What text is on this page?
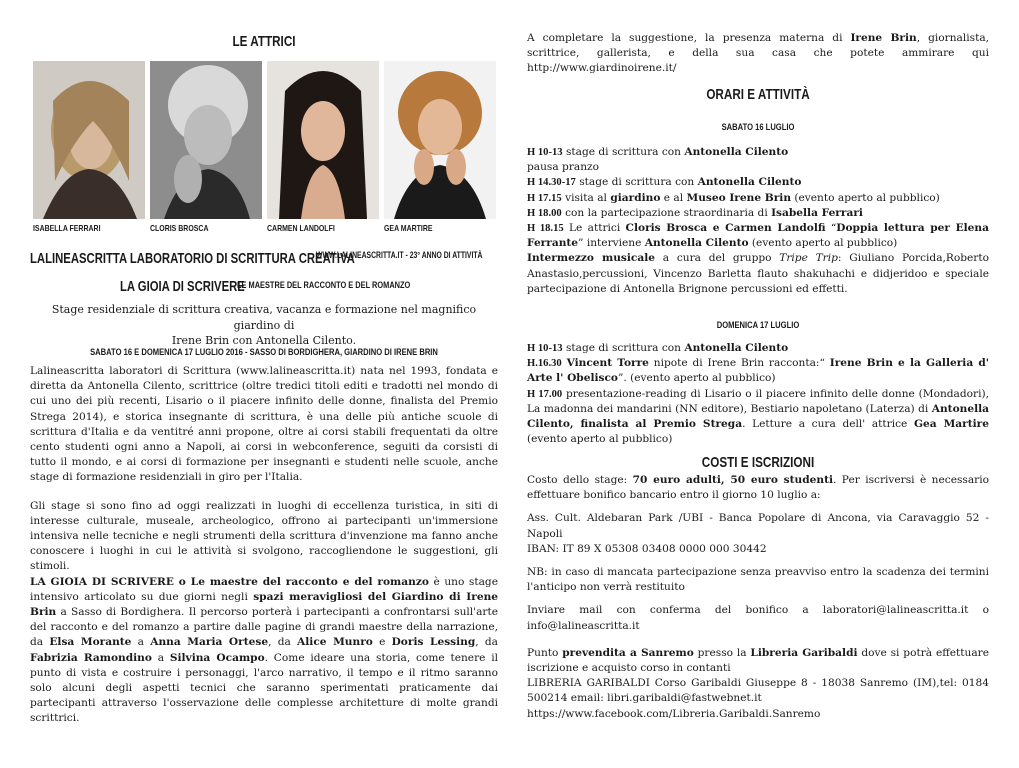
LE ATTRICI
ISABELLA FERRARI	CLORIS BROSCA	CARMEN LANDOLFI	GEA MARTIRE
LALINEASCRITTA LABORATORIO DI SCRITTURA CREATIVA
WWW.LALINEASCRITTA.IT - 23° ANNO DI ATTIVITÀ
LA GIOIA DI SCRIVERE
LE MAESTRE DEL RACCONTO E DEL ROMANZO
Stage residenziale di scrittura creativa, vacanza e formazione nel magnifico giardino di
Irene Brin con Antonella Cilento.
SABATO 16 E DOMENICA 17 LUGLIO 2016 - SASSO DI BORDIGHERA, GIARDINO DI IRENE BRIN

Lalineascritta laboratori di Scrittura (www.lalineascritta.it) nata nel 1993, fondata e diretta da Antonella Cilento, scrittrice (oltre tredici titoli editi e tradotti nel mondo di cui uno dei più recenti, Lisario o il piacere infinito delle donne, finalista del Premio Strega 2014), e storica insegnante di scrittura, è una delle più antiche scuole di scrittura d'Italia e da ventitré anni propone, oltre ai corsi stabili frequentati da oltre cento studenti ogni anno a Napoli, ai corsi in webconference, seguiti da corsisti di tutto il mondo, e ai corsi di formazione per insegnanti e studenti nelle scuole, anche stage di formazione residenziali in giro per l'Italia.

Gli stage si sono fino ad oggi realizzati in luoghi di eccellenza turistica, in siti di interesse culturale, museale, archeologico, offrono ai partecipanti un'immersione intensiva nelle tecniche e negli strumenti della scrittura d'invenzione ma fanno anche conoscere i luoghi in cui le attività si svolgono, raccogliendone le suggestioni, gli stimoli.

LA GIOIA DI SCRIVERE o Le maestre del racconto e del romanzo è uno stage intensivo articolato su due giorni negli spazi meravigliosi del Giardino di Irene Brin a Sasso di Bordighera. Il percorso porterà i partecipanti a confrontarsi sull'arte del racconto e del romanzo a partire dalle pagine di grandi maestre della narrazione, da Elsa Morante a Anna Maria Ortese, da Alice Munro e Doris Lessing, da Fabrizia Ramondino a Silvina Ocampo. Come ideare una storia, come tenere il punto di vista e costruire i personaggi, l'arco narrativo, il tempo e il ritmo saranno solo alcuni degli aspetti tecnici che saranno sperimentati praticamente dai partecipanti attraverso l'osservazione delle complesse architetture di molte grandi scrittrici.

A completare la suggestione, la presenza materna di Irene Brin, giornalista, scrittrice, gallerista, e della sua casa che potete ammirare qui http://www.giardinoirene.it/

ORARI E ATTIVITÀ
SABATO 16 LUGLIO

H 10-13 stage di scrittura con Antonella Cilento

pausa pranzo

H 14.30-17 stage di scrittura con Antonella Cilento

H 17.15 visita al giardino e al Museo Irene Brin (evento aperto al pubblico)

H 18.00 con la partecipazione straordinaria di Isabella Ferrari

H 18.15 Le attrici Cloris Brosca e Carmen Landolfi “Doppia lettura per Elena Ferrante” interviene Antonella Cilento (evento aperto al pubblico)

Intermezzo musicale a cura del gruppo Tripe Trip: Giuliano Porcida,Roberto Anastasio,percussioni, Vincenzo Barletta flauto shakuhachi e didjeridoo e speciale partecipazione di Antonella Brignone percussioni ed effetti.

DOMENICA 17 LUGLIO

H 10-13 stage di scrittura con Antonella Cilento

H.16.30 Vincent Torre nipote di Irene Brin racconta:“ Irene Brin e la Galleria d' Arte l' Obelisco”. (evento aperto al pubblico)

H 17.00 presentazione-reading di Lisario o il piacere infinito delle donne (Mondadori), La madonna dei mandarini (NN editore), Bestiario napoletano (Laterza) di Antonella Cilento, finalista al Premio Strega. Letture a cura dell' attrice Gea Martire (evento aperto al pubblico)

COSTI E ISCRIZIONI

Costo dello stage: 70 euro adulti, 50 euro studenti. Per iscriversi è necessario effettuare bonifico bancario entro il giorno 10 luglio a:

Ass. Cult. Aldebaran Park /UBI - Banca Popolare di Ancona, via Caravaggio 52 - Napoli

IBAN: IT 89 X 05308 03408 0000 000 30442

NB: in caso di mancata partecipazione senza preavviso entro la scadenza dei termini l'anticipo non verrà restituito

Inviare mail con conferma del bonifico a laboratori@lalineascritta.it o info@lalineascritta.it

Punto prevendita a Sanremo presso la Libreria Garibaldi dove si potrà effettuare iscrizione e acquisto corso in contanti

LIBRERIA GARIBALDI Corso Garibaldi Giuseppe 8 - 18038 Sanremo (IM),tel: 0184 500214 email: libri.garibaldi@fastwebnet.it

https://www.facebook.com/Libreria.Garibaldi.Sanremo
